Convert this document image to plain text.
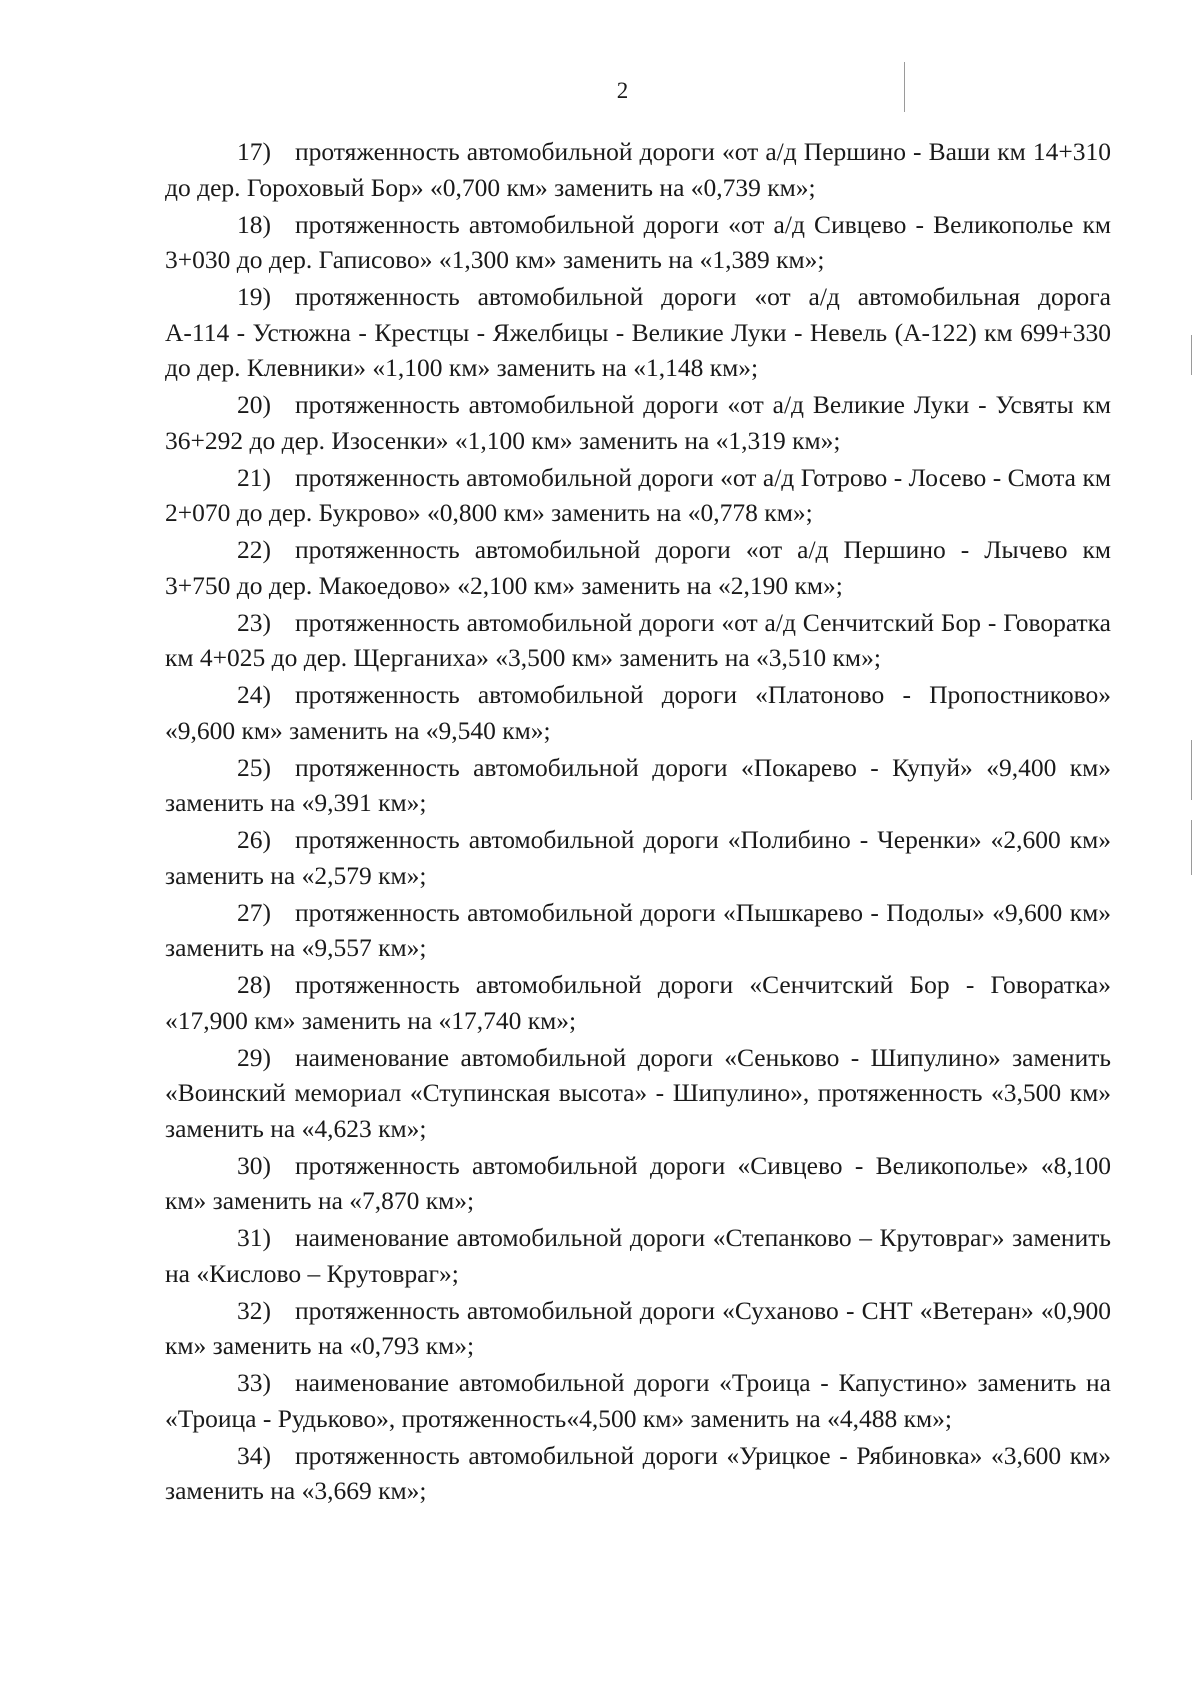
2

17) протяженность автомобильной дороги «от а/д Першино - Ваши км 14+310 до дер. Гороховый Бор» «0,700 км» заменить на «0,739 км»;

18) протяженность автомобильной дороги «от а/д Сивцево - Великополье км 3+030 до дер. Гаписово» «1,300 км» заменить на «1,389 км»;

19) протяженность автомобильной дороги «от а/д автомобильная дорога А-114 - Устюжна - Крестцы - Яжелбицы - Великие Луки - Невель (А-122) км 699+330 до дер. Клевники» «1,100 км» заменить на «1,148 км»;

20) протяженность автомобильной дороги «от а/д Великие Луки - Усвяты км 36+292 до дер. Изосенки» «1,100 км» заменить на «1,319 км»;

21) протяженность автомобильной дороги «от а/д Готрово - Лосево - Смота км 2+070 до дер. Букрово» «0,800 км» заменить на «0,778 км»;

22) протяженность автомобильной дороги «от а/д Першино - Лычево км 3+750 до дер. Макоедово» «2,100 км» заменить на «2,190 км»;

23) протяженность автомобильной дороги «от а/д Сенчитский Бор - Говоратка км 4+025 до дер. Щерганиха» «3,500 км» заменить на «3,510 км»;

24) протяженность автомобильной дороги «Платоново - Пропостниково» «9,600 км» заменить на «9,540 км»;

25) протяженность автомобильной дороги «Покарево - Купуй» «9,400 км» заменить на «9,391 км»;

26) протяженность автомобильной дороги «Полибино - Черенки» «2,600 км» заменить на «2,579 км»;

27) протяженность автомобильной дороги «Пышкарево - Подолы» «9,600 км» заменить на «9,557 км»;

28) протяженность автомобильной дороги «Сенчитский Бор - Говоратка» «17,900 км» заменить на «17,740 км»;

29) наименование автомобильной дороги «Сеньково - Шипулино» заменить «Воинский мемориал «Ступинская высота» - Шипулино», протяженность «3,500 км» заменить на «4,623 км»;

30) протяженность автомобильной дороги «Сивцево - Великополье» «8,100 км» заменить на «7,870 км»;

31) наименование автомобильной дороги «Степанково – Крутовраг» заменить на «Кислово – Крутовраг»;

32) протяженность автомобильной дороги «Суханово - СНТ «Ветеран» «0,900 км» заменить на «0,793 км»;

33) наименование автомобильной дороги «Троица - Капустино» заменить на «Троица - Рудьково», протяженность«4,500 км» заменить на «4,488 км»;

34) протяженность автомобильной дороги «Урицкое - Рябиновка» «3,600 км» заменить на «3,669 км»;
